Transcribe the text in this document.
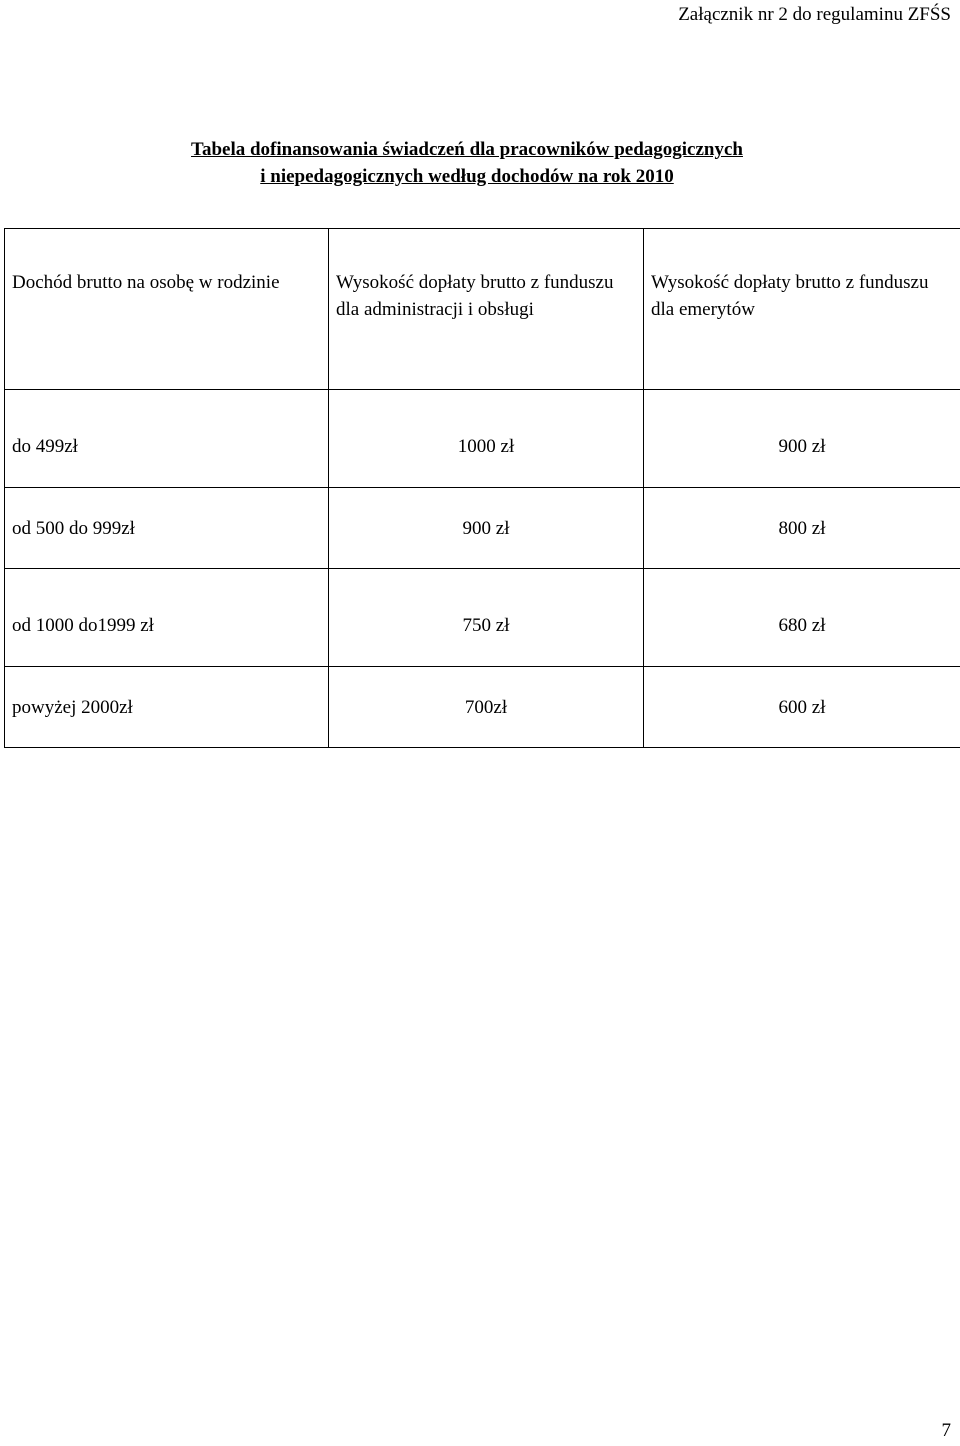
Załącznik nr 2 do regulaminu ZFŚS
Tabela dofinansowania świadczeń dla pracowników pedagogicznych
i niepedagogicznych według dochodów na rok 2010
Dochód brutto na osobę w rodzinie	Wysokość dopłaty brutto z funduszu dla administracji i obsługi	Wysokość dopłaty brutto z funduszu dla emerytów
do 499zł	1000 zł	900 zł
od 500 do 999zł	900 zł	800 zł
od 1000 do1999 zł	750 zł	680 zł
powyżej 2000zł	700zł	600 zł
7
